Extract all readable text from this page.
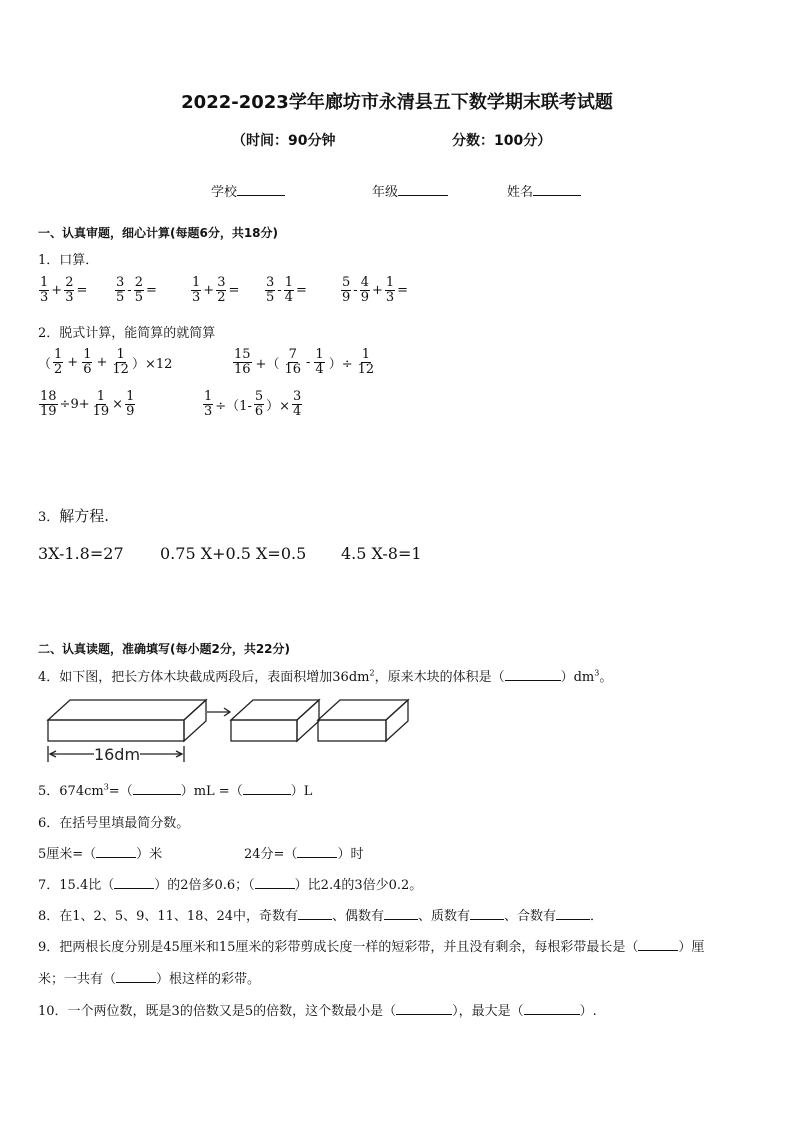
2022-2023学年廊坊市永清县五下数学期末联考试题
（时间：90分钟	分数：100分）
学校	年级	姓名
一、认真审题，细心计算(每题6分，共18分)
1．口算．
$\frac{1}{3} + \frac{2}{3} = \frac{3}{5} - \frac{2}{5}$ =	$\frac{1}{3} + \frac{3}{2} = \frac{3}{5} - \frac{1}{4}$ =	$\frac{5}{9} - \frac{4}{9} + \frac{1}{3}$ =
2．脱式计算，能简算的就简算
（ $\frac{1}{2} + \frac{1}{6} + \frac{1}{12} )\times 12$	$\frac{15}{16}$ +（ $\frac{7}{16} - \frac{1}{4}$ ）÷ $\frac{1}{12}$
$\frac{18}{19} \div 9+ \frac{1}{19} \times \frac{1}{9}$	$\frac{1}{3} \div(1- \frac{5}{6}$ ）× $\frac{3}{4}$
3．解方程.
3X-1.8=27 0.75 X+0.5 X=0.5 4.5 X-8=1
二、认真读题，准确填写(每小题2分，共22分)
4．如下图，把长方体木块截成两段后，表面积增加$36dm^2$，原来木块的体积是（	）$dm^3$。
16dm
5．$674cm^3=$（	）mL =（	）L
6．在括号里填最简分数。
5厘米=（	）米	24分=（	）时
7．15.4比（	）的2倍多0.6；（	）比2.4的3倍少0.2。
8．在1、2、5、9、11、18、24中，奇数有	、偶数有	、质数有	、合数有	．
9．把两根长度分别是45厘米和15厘米的彩带剪成长度一样的短彩带，并且没有剩余，每根彩带最长是（	）厘
米；一共有（	）根这样的彩带。
10．一个两位数，既是3的倍数又是5的倍数，这个数最小是（	），最大是（	）.
